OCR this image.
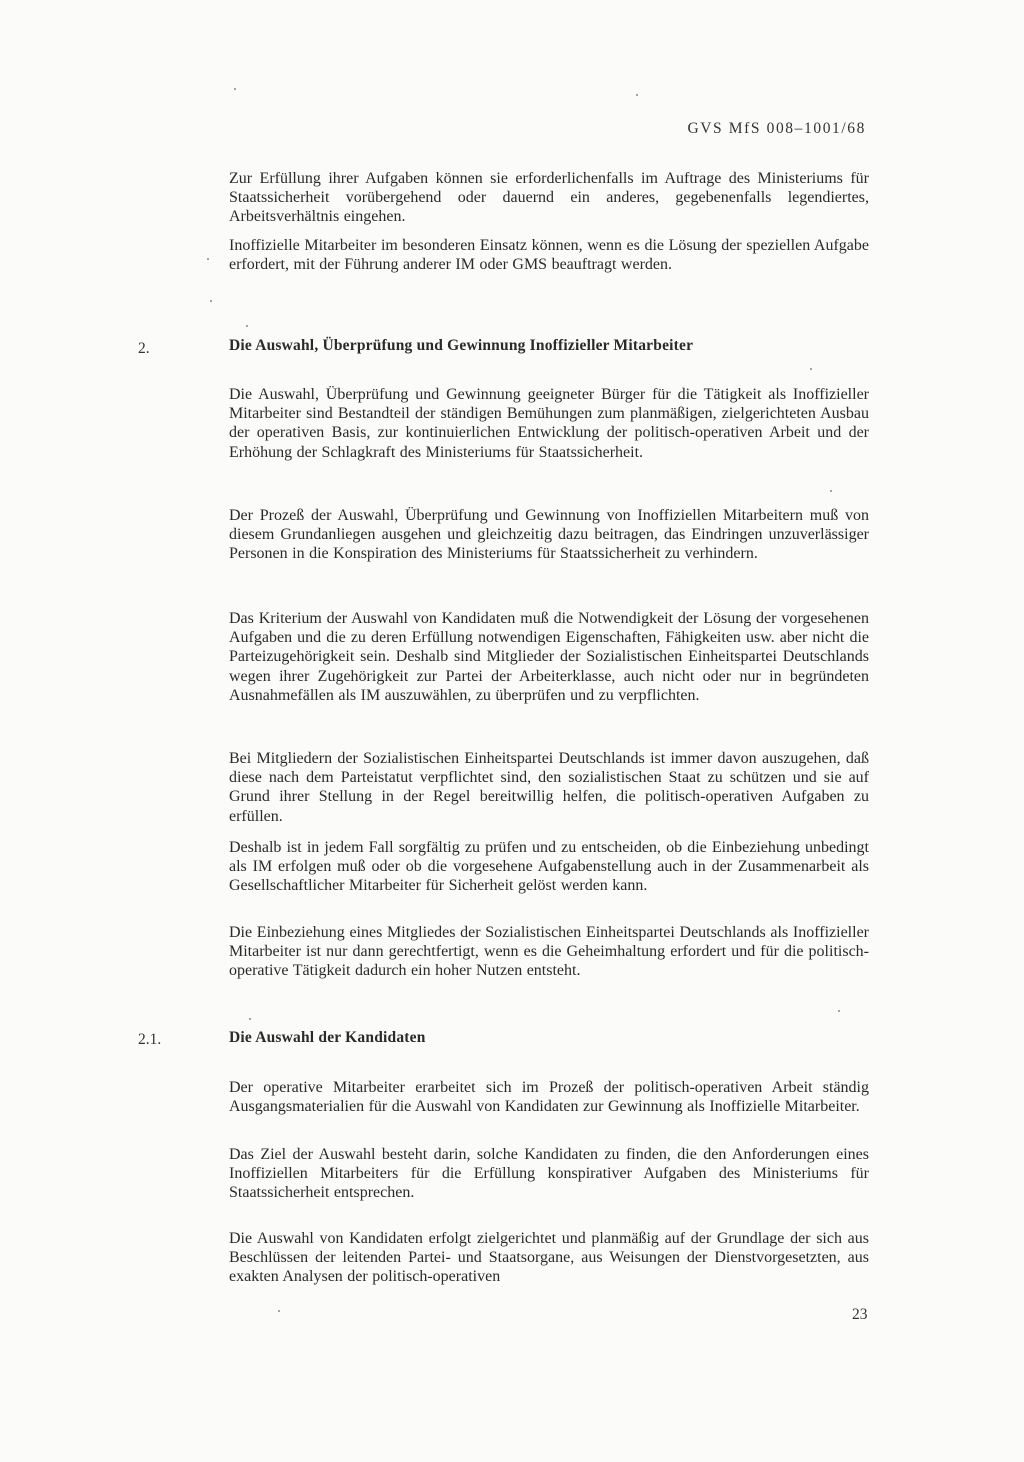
GVS MfS 008–1001/68

Zur Erfüllung ihrer Aufgaben können sie erforderlichenfalls im Auftrage des Ministeriums für Staatssicherheit vorübergehend oder dauernd ein anderes, gegebenenfalls legendiertes, Arbeitsverhältnis eingehen.

Inoffizielle Mitarbeiter im besonderen Einsatz können, wenn es die Lösung der speziellen Aufgabe erfordert, mit der Führung anderer IM oder GMS beauftragt werden.

2.	Die Auswahl, Überprüfung und Gewinnung Inoffizieller Mitarbeiter

Die Auswahl, Überprüfung und Gewinnung geeigneter Bürger für die Tätigkeit als Inoffizieller Mitarbeiter sind Bestandteil der ständigen Bemühungen zum planmäßigen, zielgerichteten Ausbau der operativen Basis, zur kontinuierlichen Entwicklung der politisch-operativen Arbeit und der Erhöhung der Schlagkraft des Ministeriums für Staatssicherheit.

Der Prozeß der Auswahl, Überprüfung und Gewinnung von Inoffiziellen Mitarbeitern muß von diesem Grundanliegen ausgehen und gleichzeitig dazu beitragen, das Eindringen unzuverlässiger Personen in die Konspiration des Ministeriums für Staatssicherheit zu verhindern.

Das Kriterium der Auswahl von Kandidaten muß die Notwendigkeit der Lösung der vorgesehenen Aufgaben und die zu deren Erfüllung notwendigen Eigenschaften, Fähigkeiten usw. aber nicht die Parteizugehörigkeit sein. Deshalb sind Mitglieder der Sozialistischen Einheitspartei Deutschlands wegen ihrer Zugehörigkeit zur Partei der Arbeiterklasse, auch nicht oder nur in begründeten Ausnahmefällen als IM auszuwählen, zu überprüfen und zu verpflichten.

Bei Mitgliedern der Sozialistischen Einheitspartei Deutschlands ist immer davon auszugehen, daß diese nach dem Parteistatut verpflichtet sind, den sozialistischen Staat zu schützen und sie auf Grund ihrer Stellung in der Regel bereitwillig helfen, die politisch-operativen Aufgaben zu erfüllen.

Deshalb ist in jedem Fall sorgfältig zu prüfen und zu entscheiden, ob die Einbeziehung unbedingt als IM erfolgen muß oder ob die vorgesehene Aufgabenstellung auch in der Zusammenarbeit als Gesellschaftlicher Mitarbeiter für Sicherheit gelöst werden kann.

Die Einbeziehung eines Mitgliedes der Sozialistischen Einheitspartei Deutschlands als Inoffizieller Mitarbeiter ist nur dann gerechtfertigt, wenn es die Geheimhaltung erfordert und für die politisch-operative Tätigkeit dadurch ein hoher Nutzen entsteht.

2.1.	Die Auswahl der Kandidaten

Der operative Mitarbeiter erarbeitet sich im Prozeß der politisch-operativen Arbeit ständig Ausgangsmaterialien für die Auswahl von Kandidaten zur Gewinnung als Inoffizielle Mitarbeiter.

Das Ziel der Auswahl besteht darin, solche Kandidaten zu finden, die den Anforderungen eines Inoffiziellen Mitarbeiters für die Erfüllung konspirativer Aufgaben des Ministeriums für Staatssicherheit entsprechen.

Die Auswahl von Kandidaten erfolgt zielgerichtet und planmäßig auf der Grundlage der sich aus Beschlüssen der leitenden Partei- und Staatsorgane, aus Weisungen der Dienstvorgesetzten, aus exakten Analysen der politisch-operativen

23
